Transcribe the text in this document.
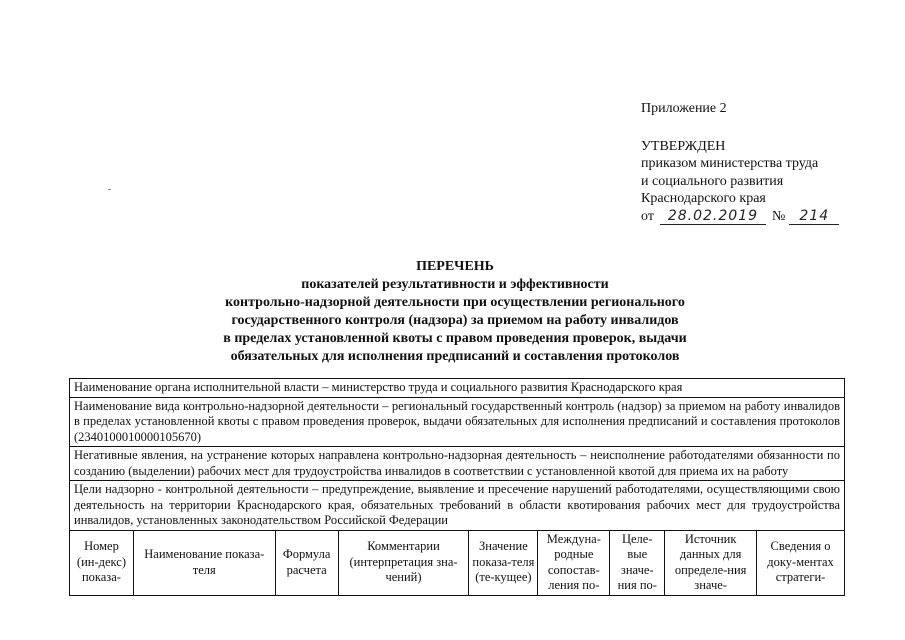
Приложение 2
УТВЕРЖДЕН
приказом министерства труда
и социального развития
Краснодарского края
от 28.02.2019 №	214
ПЕРЕЧЕНЬ
показателей результативности и эффективности
контрольно-надзорной деятельности при осуществлении регионального
государственного контроля (надзора) за приемом на работу инвалидов
в пределах установленной квоты с правом проведения проверок, выдачи
обязательных для исполнения предписаний и составления протоколов
Наименование органа исполнительной власти – министерство труда и социального развития Краснодарского края
Наименование вида контрольно-надзорной деятельности – региональный государственный контроль (надзор) за приемом на работу инвалидов в пределах установленной квоты с правом проведения проверок, выдачи обязательных для исполнения предписаний и составления протоколов (2340100010000105670)
Негативные явления, на устранение которых направлена контрольно-надзорная деятельность – неисполнение работодателями обязанности по созданию (выделении) рабочих мест для трудоустройства инвалидов в соответствии с установленной квотой для приема их на работу
Цели надзорно - контрольной деятельности – предупреждение, выявление и пресечение нарушений работодателями, осуществляющими свою деятельность на территории Краснодарского края, обязательных требований в области квотирования рабочих мест для трудоустройства инвалидов, установленных законодательством Российской Федерации
Номер (ин-декс) показа-	Наименование показа-теля	Формула расчета	Комментарии (интерпретация зна-чений)	Значение показа-теля (те-кущее)	Междуна-родные сопостав-ления по-	Целе-вые значе-ния по-	Источник данных для определе-ния значе-	Сведения о доку-ментах стратеги-
